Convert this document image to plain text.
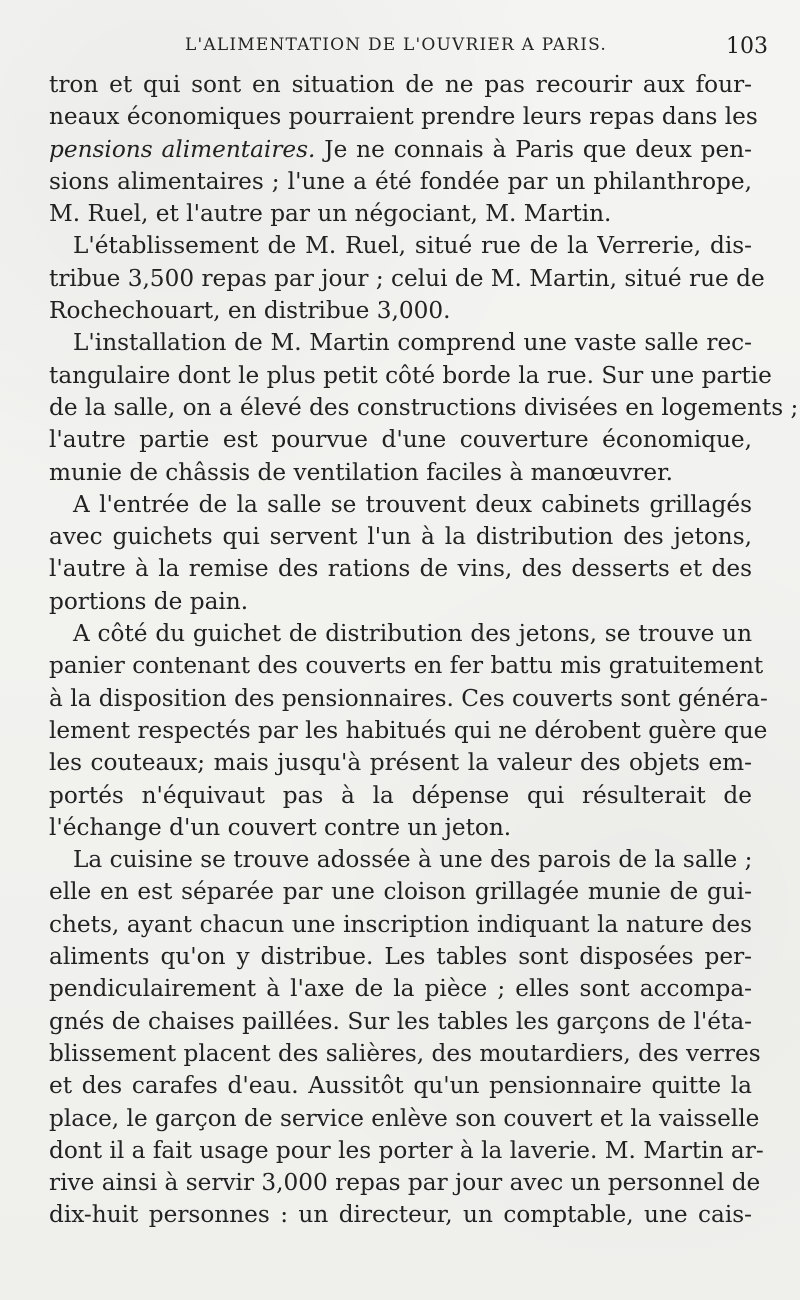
L'ALIMENTATION DE L'OUVRIER A PARIS.	103
tron et qui sont en situation de ne pas recourir aux four-
neaux économiques pourraient prendre leurs repas dans les
pensions alimentaires. Je ne connais à Paris que deux pen-
sions alimentaires ; l'une a été fondée par un philanthrope,
M. Ruel, et l'autre par un négociant, M. Martin.
L'établissement de M. Ruel, situé rue de la Verrerie, dis-
tribue 3,500 repas par jour ; celui de M. Martin, situé rue de
Rochechouart, en distribue 3,000.
L'installation de M. Martin comprend une vaste salle rec-
tangulaire dont le plus petit côté borde la rue. Sur une partie
de la salle, on a élevé des constructions divisées en logements ;
l'autre partie est pourvue d'une couverture économique,
munie de châssis de ventilation faciles à manœuvrer.
A l'entrée de la salle se trouvent deux cabinets grillagés
avec guichets qui servent l'un à la distribution des jetons,
l'autre à la remise des rations de vins, des desserts et des
portions de pain.
A côté du guichet de distribution des jetons, se trouve un
panier contenant des couverts en fer battu mis gratuitement
à la disposition des pensionnaires. Ces couverts sont généra-
lement respectés par les habitués qui ne dérobent guère que
les couteaux; mais jusqu'à présent la valeur des objets em-
portés n'équivaut pas à la dépense qui résulterait de
l'échange d'un couvert contre un jeton.
La cuisine se trouve adossée à une des parois de la salle ;
elle en est séparée par une cloison grillagée munie de gui-
chets, ayant chacun une inscription indiquant la nature des
aliments qu'on y distribue. Les tables sont disposées per-
pendiculairement à l'axe de la pièce ; elles sont accompa-
gnés de chaises paillées. Sur les tables les garçons de l'éta-
blissement placent des salières, des moutardiers, des verres
et des carafes d'eau. Aussitôt qu'un pensionnaire quitte la
place, le garçon de service enlève son couvert et la vaisselle
dont il a fait usage pour les porter à la laverie. M. Martin ar-
rive ainsi à servir 3,000 repas par jour avec un personnel de
dix-huit personnes : un directeur, un comptable, une cais-
